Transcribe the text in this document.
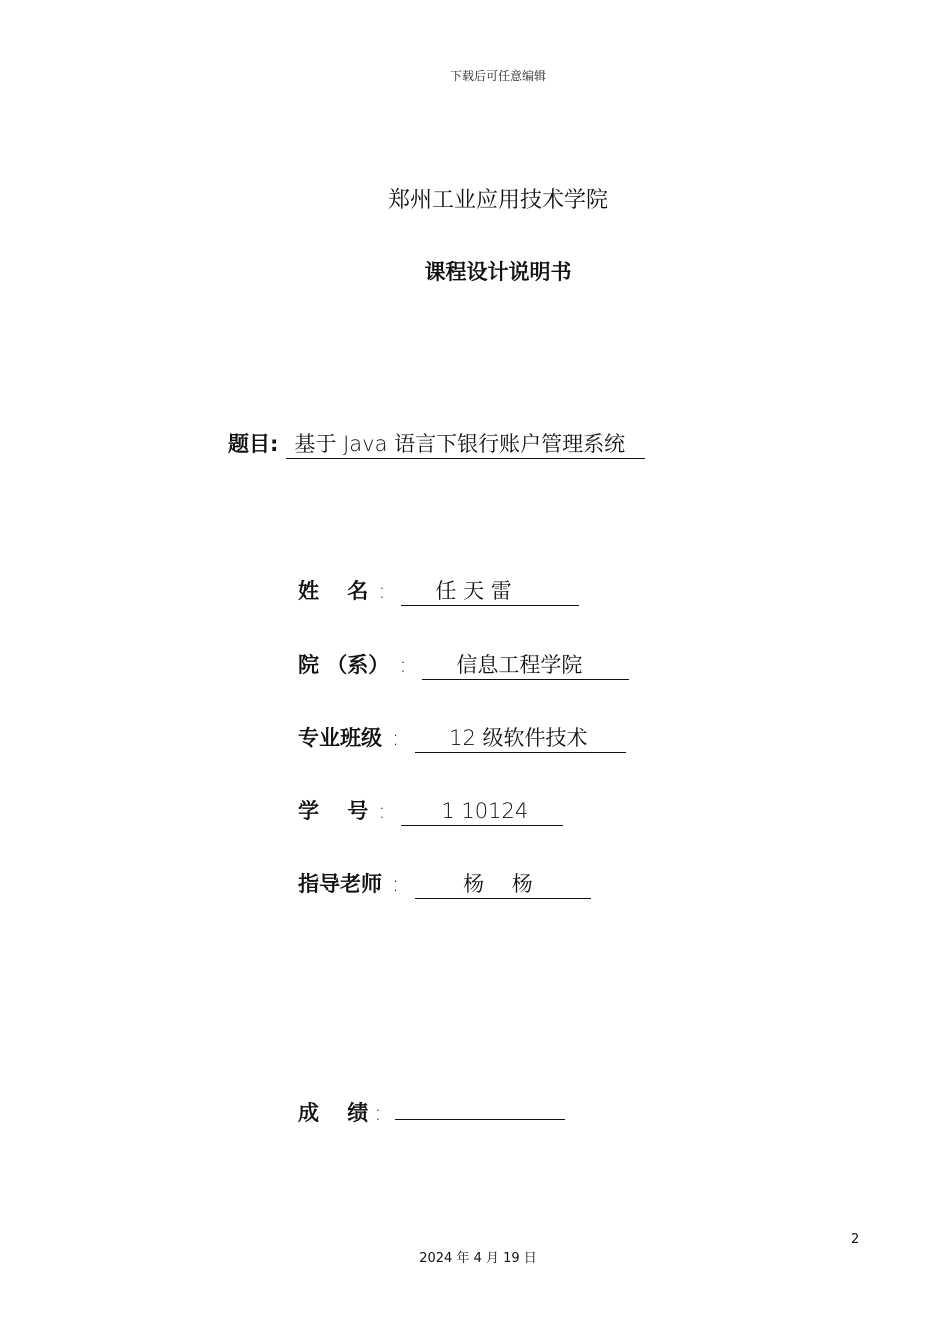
下载后可任意编辑
郑州工业应用技术学院
课程设计说明书
题目: 基于 Java 语言下银行账户管理系统
姓　 名 :	任 天 雷
院 （系） :	信息工程学院
专业班级 :	12 级软件技术
学　 号 :	1 10124
指导老师 :	杨　 杨
成　 绩 :
2
2024 年 4 月 19 日
